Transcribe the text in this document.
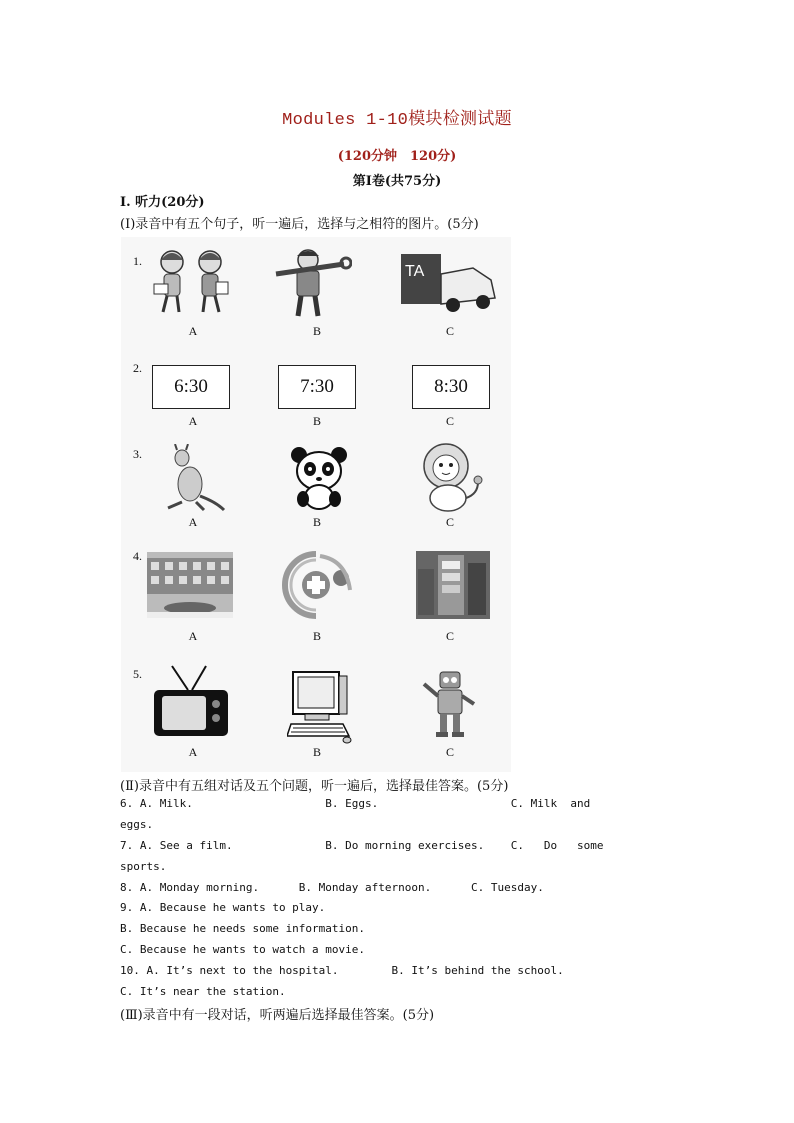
Modules 1-10模块检测试题
(120分钟　120分)
第Ⅰ卷(共75分)
Ⅰ. 听力(20分)
(Ⅰ)录音中有五个句子，听一遍后，选择与之相符的图片。(5分)
1.
TA
A	B	C
2.
6:30	7:30	8:30
A	B	C
3.
A	B	C
4.
A	B	C
5.
A	B	C
(Ⅱ)录音中有五组对话及五个问题，听一遍后，选择最佳答案。(5分)
6. A. Milk.                    B. Eggs.                    C. Milk  and
eggs.
7. A. See a film.              B. Do morning exercises.    C.   Do   some
sports.
8. A. Monday morning.      B. Monday afternoon.      C. Tuesday.
9. A. Because he wants to play.
B. Because he needs some information.
C. Because he wants to watch a movie.
10. A. It’s next to the hospital.        B. It’s behind the school.
C. It’s near the station.
(Ⅲ)录音中有一段对话，听两遍后选择最佳答案。(5分)
